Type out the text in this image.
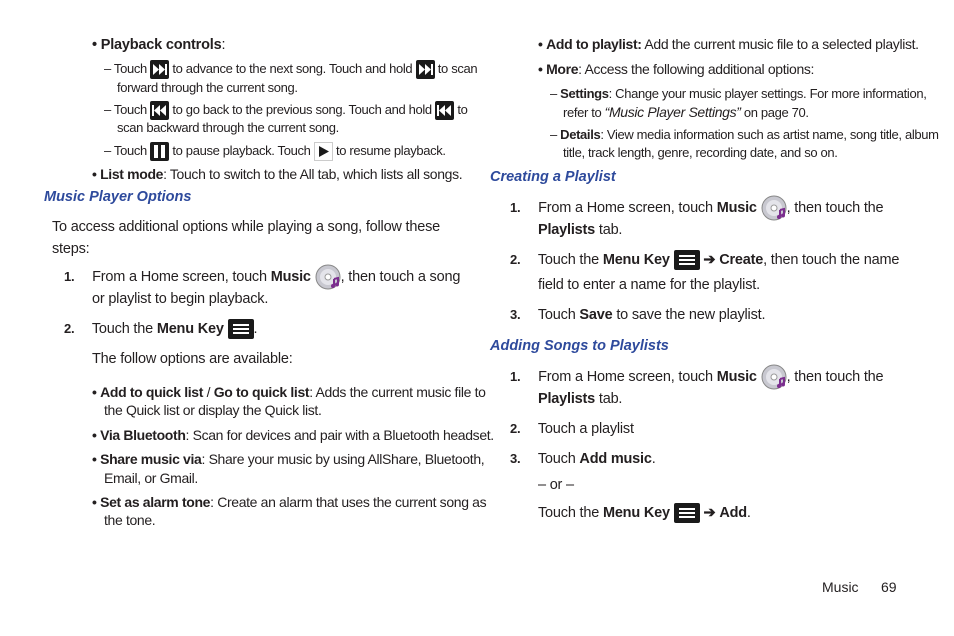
• Playback controls:
– Touch to advance to the next song. Touch and hold to scan
forward through the current song.
– Touch to go back to the previous song. Touch and hold to
scan backward through the current song.
– Touch to pause playback. Touch to resume playback.
• List mode: Touch to switch to the All tab, which lists all songs.
Music Player Options
To access additional options while playing a song, follow these
steps:
1. From a Home screen, touch Music , then touch a song
or playlist to begin playback.
2. Touch the Menu Key .
The follow options are available:
• Add to quick list / Go to quick list: Adds the current music file to
the Quick list or display the Quick list.
• Via Bluetooth: Scan for devices and pair with a Bluetooth headset.
• Share music via: Share your music by using AllShare, Bluetooth,
Email, or Gmail.
• Set as alarm tone: Create an alarm that uses the current song as
the tone.
• Add to playlist: Add the current music file to a selected playlist.
• More: Access the following additional options:
– Settings: Change your music player settings. For more information,
refer to “Music Player Settings” on page 70.
– Details: View media information such as artist name, song title, album
title, track length, genre, recording date, and so on.
Creating a Playlist
1. From a Home screen, touch Music , then touch the
Playlists tab.
2. Touch the Menu Key ➔ Create, then touch the name
field to enter a name for the playlist.
3. Touch Save to save the new playlist.
Adding Songs to Playlists
1. From a Home screen, touch Music , then touch the
Playlists tab.
2. Touch a playlist
3. Touch Add music.
– or –
Touch the Menu Key ➔ Add.
Music 69
